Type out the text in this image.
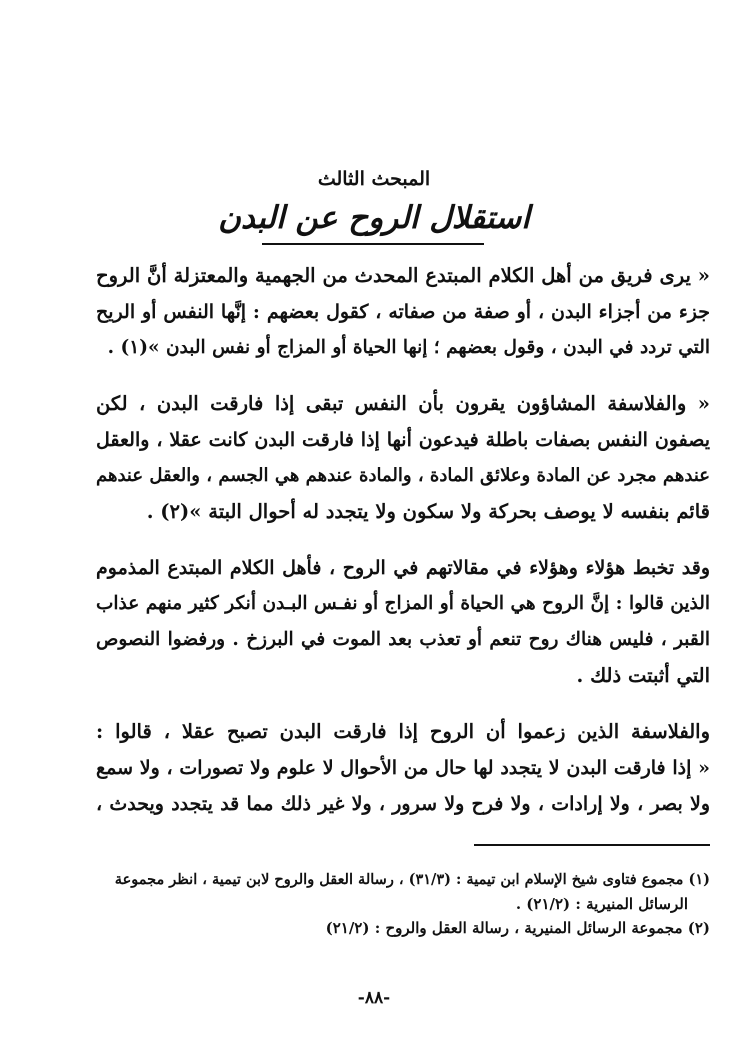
المبحث الثالث
استقلال الروح عن البدن
« يرى فريق من أهل الكلام المبتدع المحدث من الجهمية والمعتزلة أنَّ الروح
جزء من أجزاء البدن ، أو صفة من صفاته ، كقول بعضهم : إنَّها النفس أو الريح
التي تردد في البدن ، وقول بعضهم ؛ إنها الحياة أو المزاج أو نفس البدن »(١) .
« والفلاسفة المشاؤون يقرون بأن النفس تبقى إذا فارقت البدن ، لكن
يصفون النفس بصفات باطلة فيدعون أنها إذا فارقت البدن كانت عقلا ، والعقل
عندهم مجرد عن المادة وعلائق المادة ، والمادة عندهم هي الجسم ، والعقل عندهم
قائم بنفسه لا يوصف بحركة ولا سكون ولا يتجدد له أحوال البتة »(٢) .
وقد تخبط هؤلاء وهؤلاء في مقالاتهم في الروح ، فأهل الكلام المبتدع المذموم
الذين قالوا : إنَّ الروح هي الحياة أو المزاج أو نفـس البـدن أنكر كثير منهم عذاب
القبر ، فليس هناك روح تنعم أو تعذب بعد الموت في البرزخ . ورفضوا النصوص
التي أثبتت ذلك .
والفلاسفة الذين زعموا أن الروح إذا فارقت البدن تصبح عقلا ، قالوا :
« إذا فارقت البدن لا يتجدد لها حال من الأحوال لا علوم ولا تصورات ، ولا سمع
ولا بصر ، ولا إرادات ، ولا فرح ولا سرور ، ولا غير ذلك مما قد يتجدد ويحدث ،
(١) مجموع فتاوى شيخ الإسلام ابن تيمية : (٣١/٣) ، رسالة العقل والروح لابن تيمية ، انظر مجموعة
الرسائل المنيرية : (٢١/٢) .
(٢) مجموعة الرسائل المنيرية ، رسالة العقل والروح : (٢١/٢)
-٨٨-
